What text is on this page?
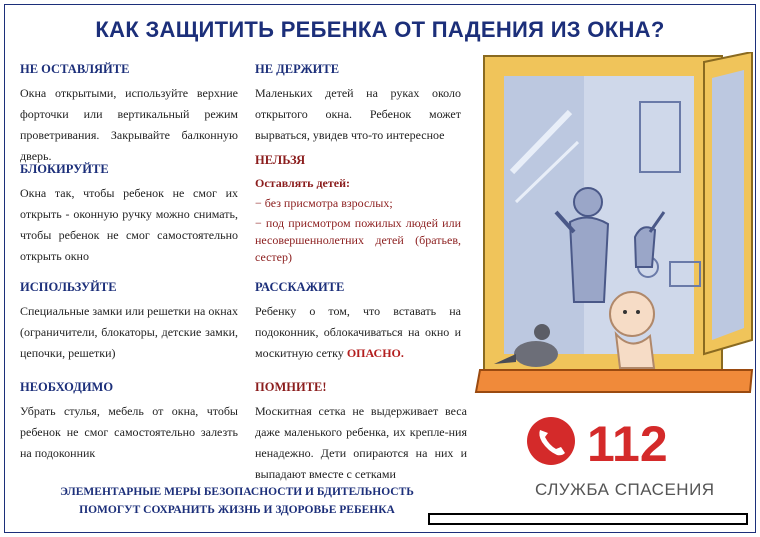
КАК ЗАЩИТИТЬ РЕБЕНКА ОТ ПАДЕНИЯ ИЗ ОКНА?

НЕ ОСТАВЛЯЙТЕ

Окна открытыми, используйте верхние форточки или вертикальный режим проветривания. Закрывайте балконную дверь.

БЛОКИРУЙТЕ

Окна так, чтобы ребенок не смог их открыть - оконную ручку можно снимать, чтобы ребенок не смог самостоятельно открыть окно

ИСПОЛЬЗУЙТЕ

Специальные замки или решетки на окнах (ограничители, блокаторы, детские замки, цепочки, решетки)

НЕОБХОДИМО

Убрать стулья, мебель от окна, чтобы ребенок не смог самостоятельно залезть на подоконник

НЕ ДЕРЖИТЕ

Маленьких детей на руках около открытого окна. Ребенок может вырваться, увидев что-то интересное

НЕЛЬЗЯ

Оставлять детей:

− без присмотра взрослых;

− под присмотром пожилых людей или несовершеннолетних детей (братьев, сестер)

РАССКАЖИТЕ

Ребенку о том, что вставать на подоконник, облокачиваться на окно и москитную сетку ОПАСНО.

ПОМНИТЕ!

Москитная сетка не выдерживает веса даже маленького ребенка, их крепле-ния ненадежно. Дети опираются на них и выпадают вместе с сетками

ЭЛЕМЕНТАРНЫЕ МЕРЫ БЕЗОПАСНОСТИ И БДИТЕЛЬНОСТЬ
ПОМОГУТ СОХРАНИТЬ ЖИЗНЬ И ЗДОРОВЬЕ РЕБЕНКА
112
СЛУЖБА СПАСЕНИЯ
